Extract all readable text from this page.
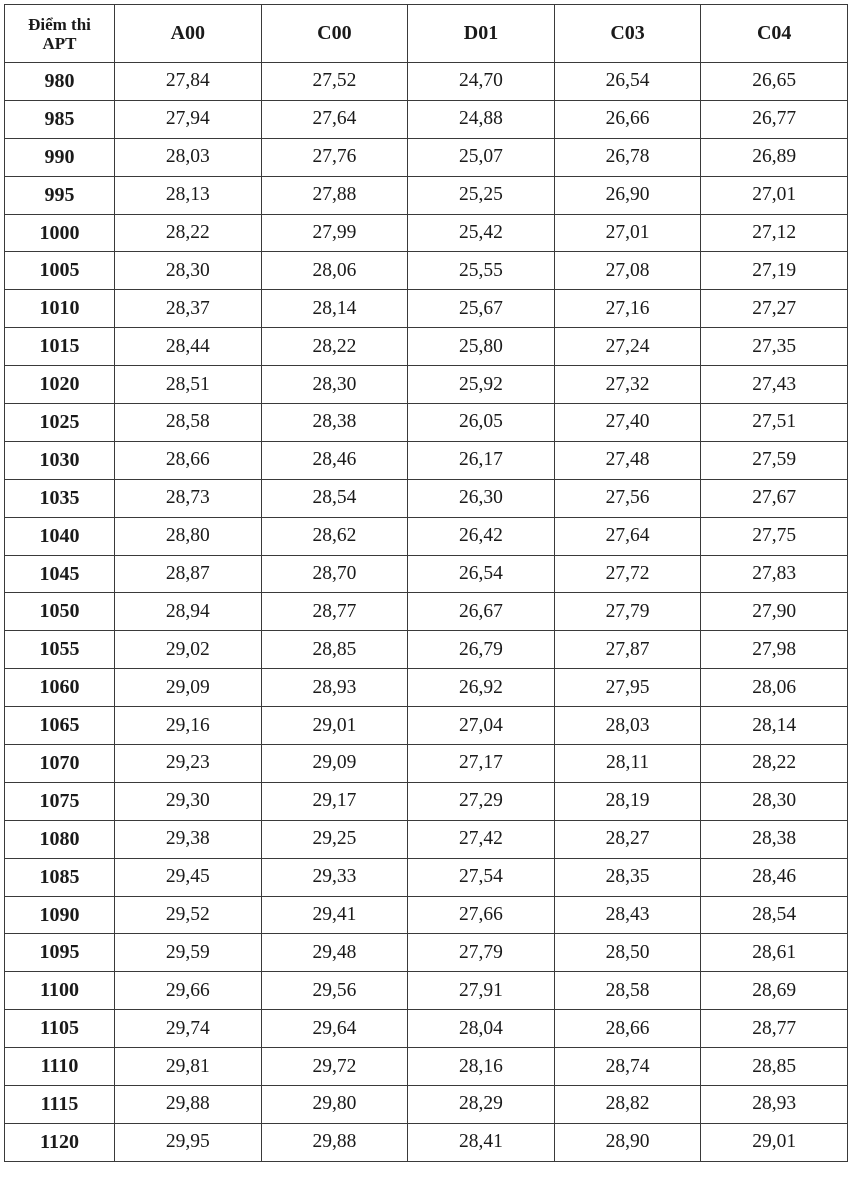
Điểm thi
APT	A00	C00	D01	C03	C04
980	27,84	27,52	24,70	26,54	26,65
985	27,94	27,64	24,88	26,66	26,77
990	28,03	27,76	25,07	26,78	26,89
995	28,13	27,88	25,25	26,90	27,01
1000	28,22	27,99	25,42	27,01	27,12
1005	28,30	28,06	25,55	27,08	27,19
1010	28,37	28,14	25,67	27,16	27,27
1015	28,44	28,22	25,80	27,24	27,35
1020	28,51	28,30	25,92	27,32	27,43
1025	28,58	28,38	26,05	27,40	27,51
1030	28,66	28,46	26,17	27,48	27,59
1035	28,73	28,54	26,30	27,56	27,67
1040	28,80	28,62	26,42	27,64	27,75
1045	28,87	28,70	26,54	27,72	27,83
1050	28,94	28,77	26,67	27,79	27,90
1055	29,02	28,85	26,79	27,87	27,98
1060	29,09	28,93	26,92	27,95	28,06
1065	29,16	29,01	27,04	28,03	28,14
1070	29,23	29,09	27,17	28,11	28,22
1075	29,30	29,17	27,29	28,19	28,30
1080	29,38	29,25	27,42	28,27	28,38
1085	29,45	29,33	27,54	28,35	28,46
1090	29,52	29,41	27,66	28,43	28,54
1095	29,59	29,48	27,79	28,50	28,61
1100	29,66	29,56	27,91	28,58	28,69
1105	29,74	29,64	28,04	28,66	28,77
1110	29,81	29,72	28,16	28,74	28,85
1115	29,88	29,80	28,29	28,82	28,93
1120	29,95	29,88	28,41	28,90	29,01
